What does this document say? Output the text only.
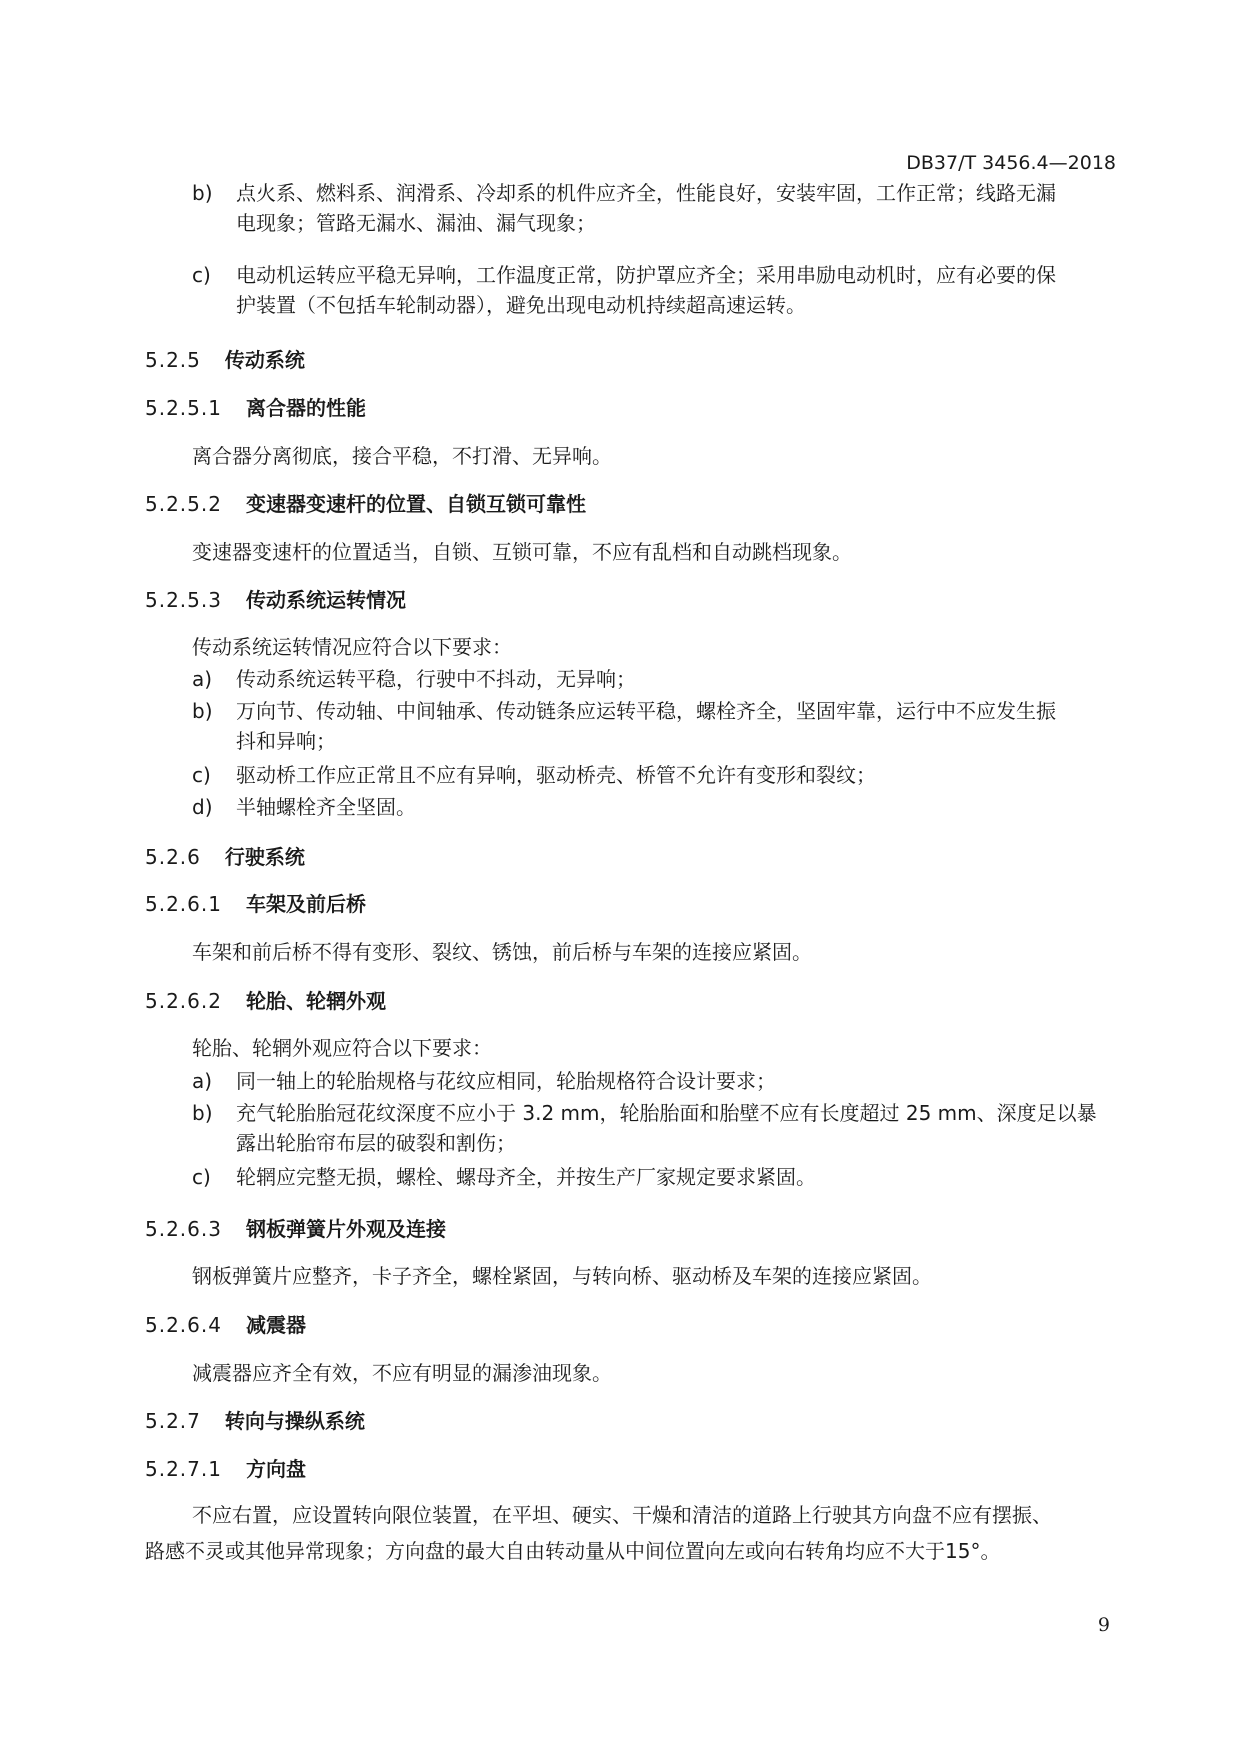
DB37/T 3456.4—2018
b)	点火系、燃料系、润滑系、冷却系的机件应齐全，性能良好，安装牢固，工作正常；线路无漏
电现象；管路无漏水、漏油、漏气现象；
c)	电动机运转应平稳无异响，工作温度正常，防护罩应齐全；采用串励电动机时，应有必要的保
护装置（不包括车轮制动器），避免出现电动机持续超高速运转。
5.2.5 传动系统
5.2.5.1 离合器的性能
离合器分离彻底，接合平稳，不打滑、无异响。
5.2.5.2 变速器变速杆的位置、自锁互锁可靠性
变速器变速杆的位置适当，自锁、互锁可靠，不应有乱档和自动跳档现象。
5.2.5.3 传动系统运转情况
传动系统运转情况应符合以下要求：
a)	传动系统运转平稳，行驶中不抖动，无异响；
b)	万向节、传动轴、中间轴承、传动链条应运转平稳，螺栓齐全，坚固牢靠，运行中不应发生振
抖和异响；
c)	驱动桥工作应正常且不应有异响，驱动桥壳、桥管不允许有变形和裂纹；
d)	半轴螺栓齐全坚固。
5.2.6 行驶系统
5.2.6.1 车架及前后桥
车架和前后桥不得有变形、裂纹、锈蚀，前后桥与车架的连接应紧固。
5.2.6.2 轮胎、轮辋外观
轮胎、轮辋外观应符合以下要求：
a)	同一轴上的轮胎规格与花纹应相同，轮胎规格符合设计要求；
b)	充气轮胎胎冠花纹深度不应小于 3.2 mm，轮胎胎面和胎壁不应有长度超过 25 mm、深度足以暴
露出轮胎帘布层的破裂和割伤；
c)	轮辋应完整无损，螺栓、螺母齐全，并按生产厂家规定要求紧固。
5.2.6.3 钢板弹簧片外观及连接
钢板弹簧片应整齐，卡子齐全，螺栓紧固，与转向桥、驱动桥及车架的连接应紧固。
5.2.6.4 减震器
减震器应齐全有效，不应有明显的漏渗油现象。
5.2.7 转向与操纵系统
5.2.7.1 方向盘
不应右置，应设置转向限位装置，在平坦、硬实、干燥和清洁的道路上行驶其方向盘不应有摆振、
路感不灵或其他异常现象；方向盘的最大自由转动量从中间位置向左或向右转角均应不大于15°。
9
